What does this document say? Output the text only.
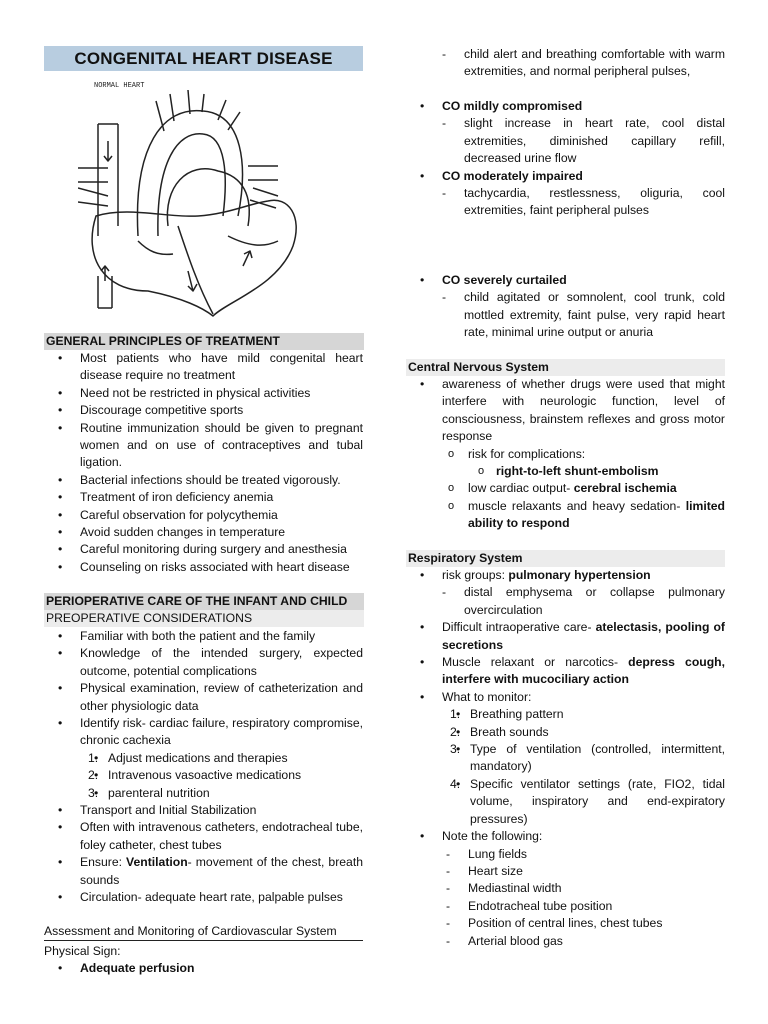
CONGENITAL HEART DISEASE
NORMAL HEART
GENERAL PRINCIPLES OF TREATMENT
• Most patients who have mild congenital heart disease require no treatment
• Need not be restricted in physical activities
• Discourage competitive sports
• Routine immunization should be given to pregnant women and on use of contraceptives and tubal ligation.
• Bacterial infections should be treated vigorously.
• Treatment of iron deficiency anemia
• Careful observation for polycythemia
• Avoid sudden changes in temperature
• Careful monitoring during surgery and anesthesia
• Counseling on risks associated with heart disease
PERIOPERATIVE CARE OF THE INFANT AND CHILD
PREOPERATIVE CONSIDERATIONS
• Familiar with both the patient and the family
• Knowledge of the intended surgery, expected outcome, potential complications
• Physical examination, review of catheterization and other physiologic data
• Identify risk- cardiac failure, respiratory compromise, chronic cachexia
• 1. Adjust medications and therapies
• 2. Intravenous vasoactive medications
• 3. parenteral nutrition
• Transport and Initial Stabilization
• Often with intravenous catheters, endotracheal tube, foley catheter, chest tubes
• Ensure: Ventilation- movement of the chest, breath sounds
• Circulation- adequate heart rate, palpable pulses
Assessment and Monitoring of Cardiovascular System
Physical Sign:
• Adequate perfusion
- child alert and breathing comfortable with warm extremities, and normal peripheral pulses,
• CO mildly compromised
- slight increase in heart rate, cool distal extremities, diminished capillary refill, decreased urine flow
• CO moderately impaired
- tachycardia, restlessness, oliguria, cool extremities, faint peripheral pulses
• CO severely curtailed
- child agitated or somnolent, cool trunk, cold mottled extremity, faint pulse, very rapid heart rate, minimal urine output or anuria
Central Nervous System
• awareness of whether drugs were used that might interfere with neurologic function, level of consciousness, brainstem reflexes and gross motor response
o risk for complications:
o right-to-left shunt-embolism
o low cardiac output- cerebral ischemia
o muscle relaxants and heavy sedation- limited ability to respond
Respiratory System
• risk groups: pulmonary hypertension
- distal emphysema or collapse pulmonary overcirculation
• Difficult intraoperative care- atelectasis, pooling of secretions
• Muscle relaxant or narcotics- depress cough, interfere with mucociliary action
• What to monitor:
• 1. Breathing pattern
• 2. Breath sounds
• 3. Type of ventilation (controlled, intermittent, mandatory)
• 4. Specific ventilator settings (rate, FIO2, tidal volume, inspiratory and end-expiratory pressures)
• Note the following:
- Lung fields
- Heart size
- Mediastinal width
- Endotracheal tube position
- Position of central lines, chest tubes
- Arterial blood gas
